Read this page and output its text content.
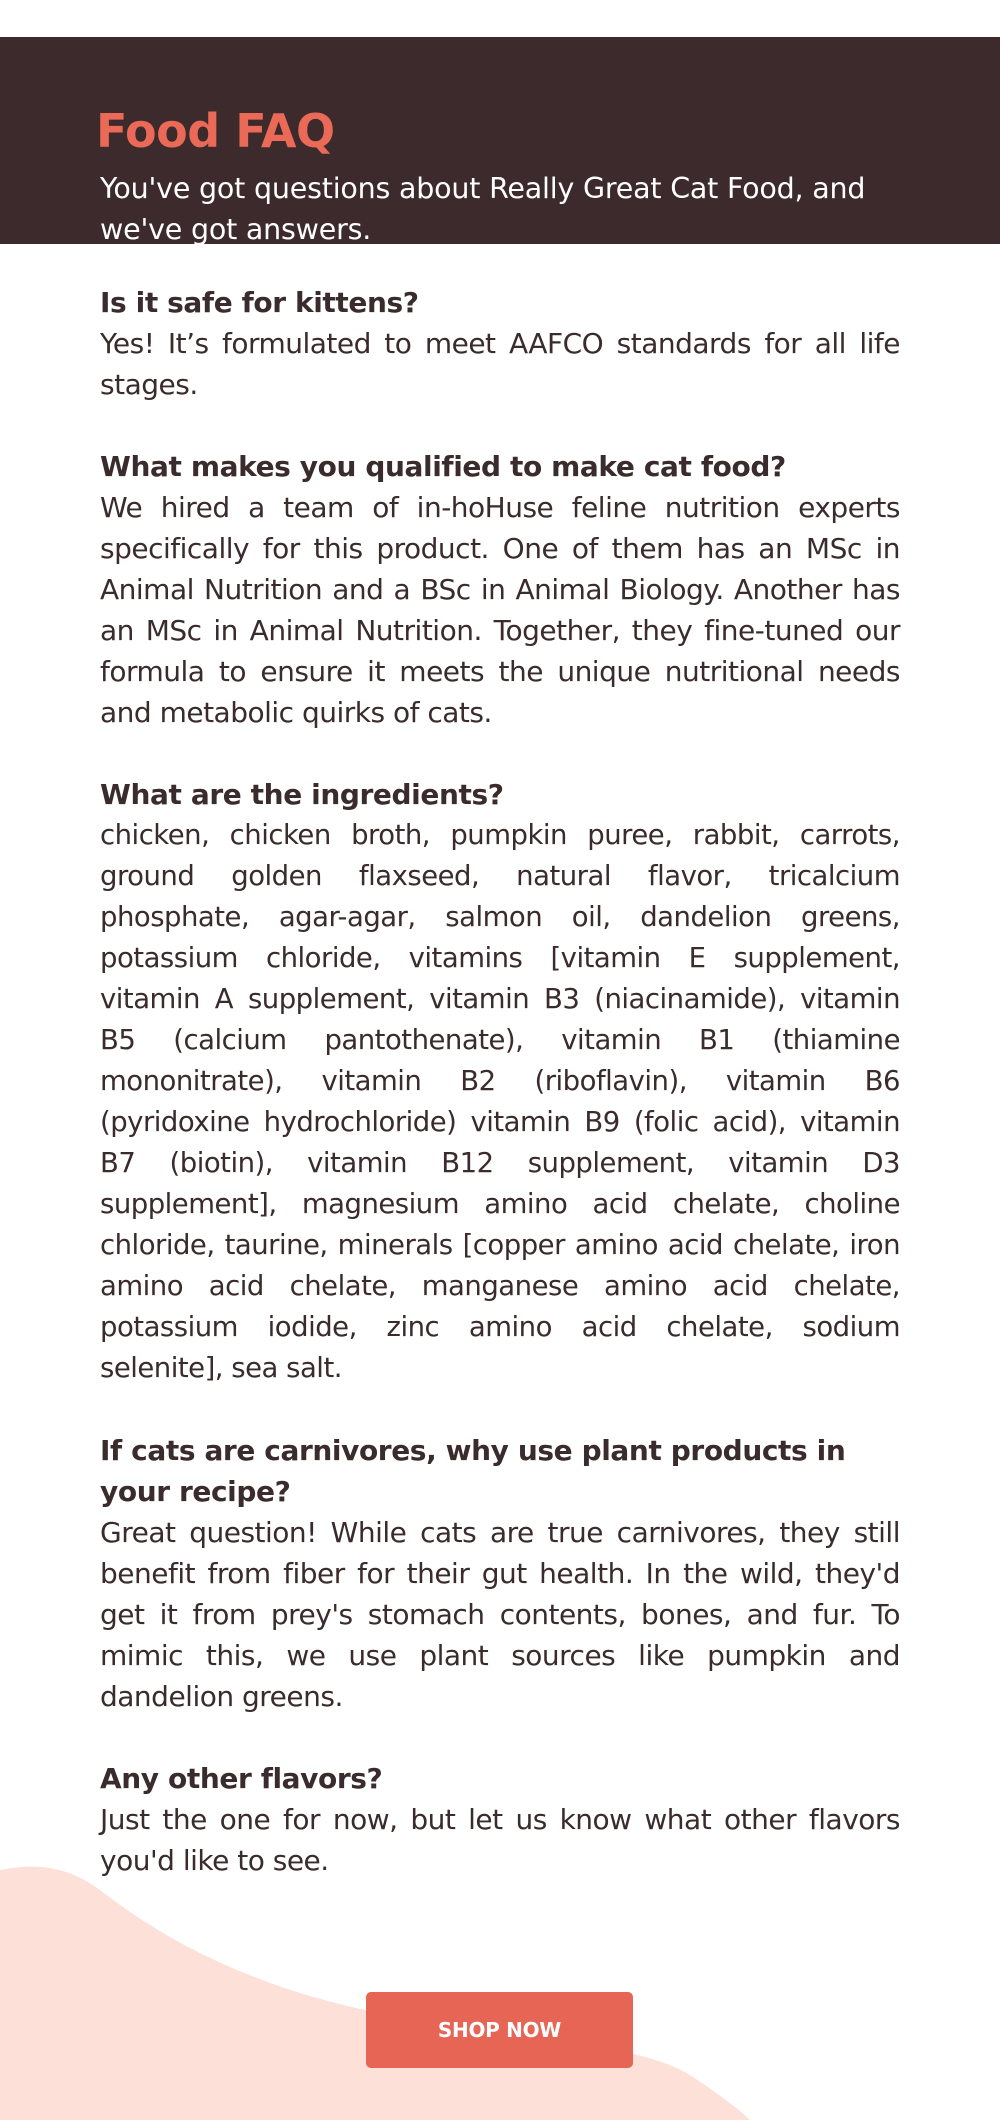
Food FAQ

You've got questions about Really Great Cat Food, and we've got answers.

Is it safe for kittens?

Yes! It’s formulated to meet AAFCO standards for all life stages.

What makes you qualified to make cat food?

We hired a team of in-hoHuse feline nutrition experts specifically for this product. One of them has an MSc in Animal Nutrition and a BSc in Animal Biology. Another has an MSc in Animal Nutrition. Together, they fine-tuned our formula to ensure it meets the unique nutritional needs and metabolic quirks of cats.

What are the ingredients?

chicken, chicken broth, pumpkin puree, rabbit, carrots, ground golden flaxseed, natural flavor, tricalcium phosphate, agar-agar, salmon oil, dandelion greens, potassium chloride, vitamins [vitamin E supplement, vitamin A supplement, vitamin B3 (niacinamide), vitamin B5 (calcium pantothenate), vitamin B1 (thiamine mononitrate), vitamin B2 (riboflavin), vitamin B6 (pyridoxine hydrochloride) vitamin B9 (folic acid), vitamin B7 (biotin), vitamin B12 supplement, vitamin D3 supplement], magnesium amino acid chelate, choline chloride, taurine, minerals [copper amino acid chelate, iron amino acid chelate, manganese amino acid chelate, potassium iodide, zinc amino acid chelate, sodium selenite], sea salt.

If cats are carnivores, why use plant products in your recipe?

Great question! While cats are true carnivores, they still benefit from fiber for their gut health. In the wild, they'd get it from prey's stomach contents, bones, and fur. To mimic this, we use plant sources like pumpkin and dandelion greens.

Any other flavors?

Just the one for now, but let us know what other flavors you'd like to see.

SHOP NOW
